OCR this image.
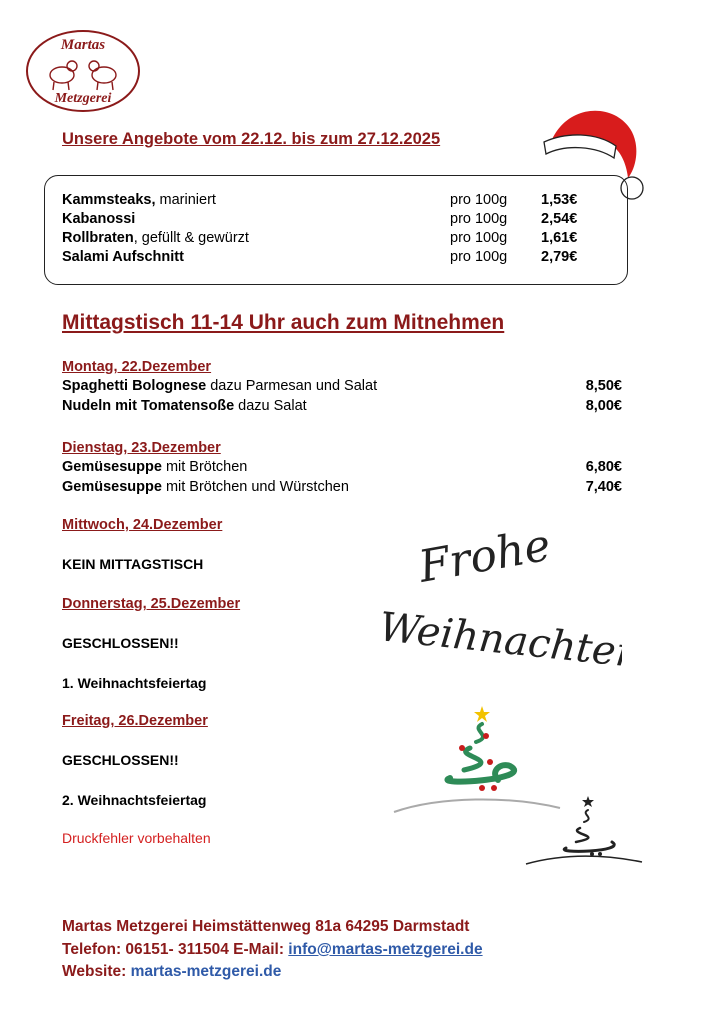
Martas
Metzgerei
Unsere Angebote vom 22.12. bis zum 27.12.2025
Kammsteaks, mariniert	pro 100g 1,53€
Kabanossi	pro 100g 2,54€
Rollbraten, gefüllt & gewürzt	pro 100g 1,61€
Salami Aufschnitt	pro 100g 2,79€
Mittagstisch 11-14 Uhr auch zum Mitnehmen
Montag, 22.Dezember
Spaghetti Bolognese dazu Parmesan und Salat	8,50€
Nudeln mit Tomatensoße dazu Salat	8,00€
Dienstag, 23.Dezember
Gemüsesuppe mit Brötchen	6,80€
Gemüsesuppe mit Brötchen und Würstchen	7,40€
Mittwoch, 24.Dezember
KEIN MITTAGSTISCH
Donnerstag, 25.Dezember
GESCHLOSSEN!!
1. Weihnachtsfeiertag
Freitag, 26.Dezember
GESCHLOSSEN!!
2. Weihnachtsfeiertag
Druckfehler vorbehalten
Frohe
Weihnachten
Martas Metzgerei Heimstättenweg 81a 64295 Darmstadt
Telefon: 06151- 311504 E-Mail: info@martas-metzgerei.de
Website: martas-metzgerei.de
